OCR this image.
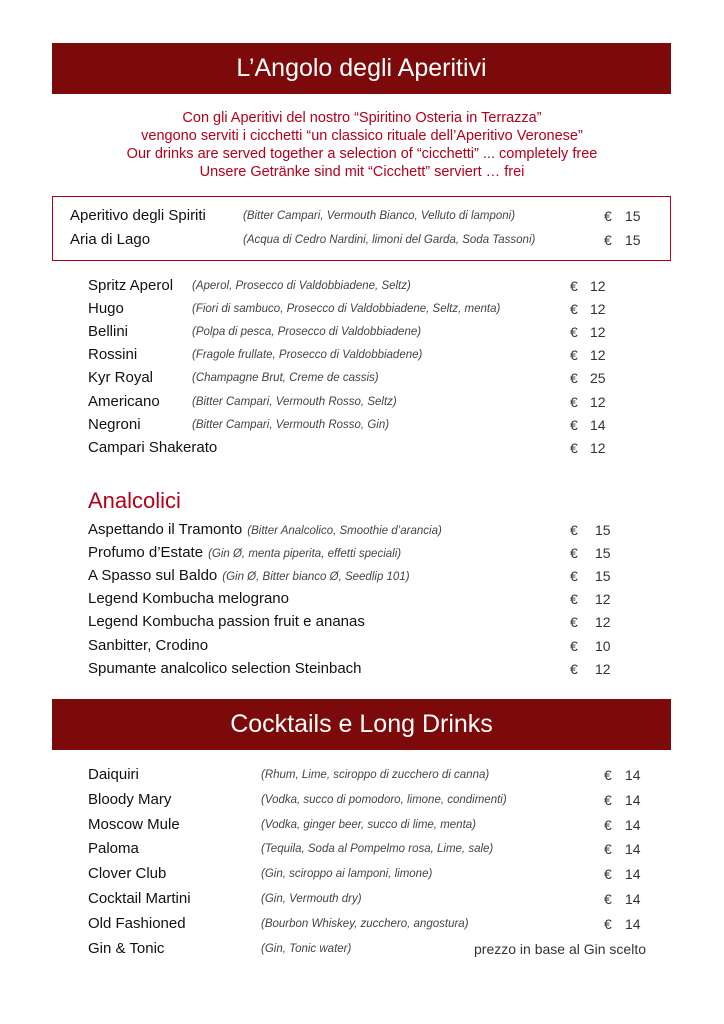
L’Angolo degli Aperitivi
Con gli Aperitivi del nostro “Spiritino Osteria in Terrazza”
vengono serviti i cicchetti “un classico rituale dell’Aperitivo Veronese”
Our drinks are served together a selection of “cicchetti” ... completely free
Unsere Getränke sind mit “Cicchett” serviert … frei
Aperitivo degli Spiriti	(Bitter Campari, Vermouth Bianco, Velluto di lamponi)	€ 15
Aria di Lago	(Acqua di Cedro Nardini, limoni del Garda, Soda Tassoni)	€ 15
Spritz Aperol (Aperol, Prosecco di Valdobbiadene, Seltz)	€ 12
Hugo	(Fiori di sambuco, Prosecco di Valdobbiadene, Seltz, menta)	€ 12
Bellini	(Polpa di pesca, Prosecco di Valdobbiadene)	€ 12
Rossini	(Fragole frullate, Prosecco di Valdobbiadene)	€ 12
Kyr Royal	(Champagne Brut, Creme de cassis)	€ 25
Americano	(Bitter Campari, Vermouth Rosso, Seltz)	€ 12
Negroni	(Bitter Campari, Vermouth Rosso, Gin)	€ 14
Campari Shakerato	€ 12
Analcolici
Aspettando il Tramonto (Bitter Analcolico, Smoothie d’arancia)	€ 15
Profumo d’Estate (Gin Ø, menta piperita, effetti speciali)	€ 15
A Spasso sul Baldo (Gin Ø, Bitter bianco Ø, Seedlip 101)	€ 15
Legend Kombucha melograno	€ 12
Legend Kombucha passion fruit e ananas	€ 12
Sanbitter, Crodino	€ 10
Spumante analcolico selection Steinbach	€ 12
Cocktails e Long Drinks
Daiquiri	(Rhum, Lime, sciroppo di zucchero di canna)	€ 14
Bloody Mary	(Vodka, succo di pomodoro, limone, condimenti)	€ 14
Moscow Mule	(Vodka, ginger beer, succo di lime, menta)	€ 14
Paloma	(Tequila, Soda al Pompelmo rosa, Lime, sale)	€ 14
Clover Club	(Gin, sciroppo ai lamponi, limone)	€ 14
Cocktail Martini	(Gin, Vermouth dry)	€ 14
Old Fashioned	(Bourbon Whiskey, zucchero, angostura)	€ 14
Gin & Tonic	(Gin, Tonic water)	prezzo in base al Gin scelto
